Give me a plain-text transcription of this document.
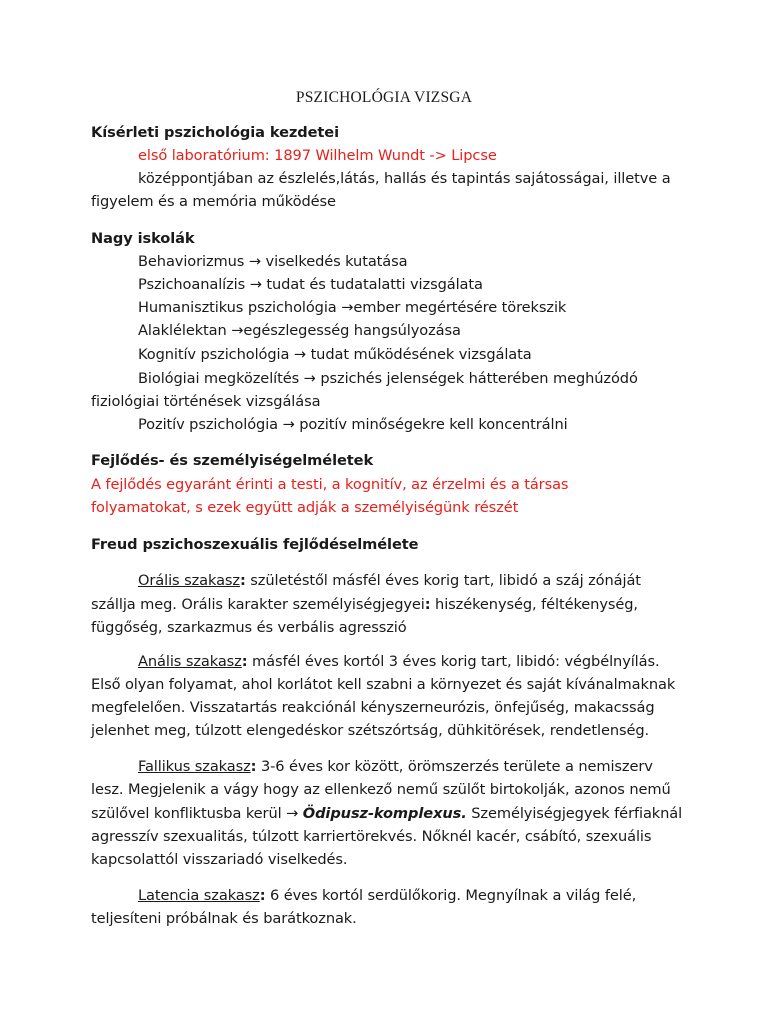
PSZICHOLÓGIA VIZSGA
Kísérleti pszichológia kezdetei
első laboratórium: 1897 Wilhelm Wundt -> Lipcse
középpontjában az észlelés,látás, hallás és tapintás sajátosságai, illetve a
figyelem és a memória működése
Nagy iskolák
Behaviorizmus → viselkedés kutatása
Pszichoanalízis → tudat és tudatalatti vizsgálata
Humanisztikus pszichológia →ember megértésére törekszik
Alaklélektan →egészlegesség hangsúlyozása
Kognitív pszichológia → tudat működésének vizsgálata
Biológiai megközelítés → pszichés jelenségek hátterében meghúzódó
fiziológiai történések vizsgálása
Pozitív pszichológia → pozitív minőségekre kell koncentrálni
Fejlődés- és személyiségelméletek
A fejlődés egyaránt érinti a testi, a kognitív, az érzelmi és a társas
folyamatokat, s ezek együtt adják a személyiségünk részét
Freud pszichoszexuális fejlődéselmélete
Orális szakasz: születéstől másfél éves korig tart, libidó a száj zónáját
szállja meg. Orális karakter személyiségjegyei: hiszékenység, féltékenység,
függőség, szarkazmus és verbális agresszió
Anális szakasz: másfél éves kortól 3 éves korig tart, libidó: végbélnyílás.
Első olyan folyamat, ahol korlátot kell szabni a környezet és saját kívánalmaknak
megfelelően. Visszatartás reakciónál kényszerneurózis, önfejűség, makacsság
jelenhet meg, túlzott elengedéskor szétszórtság, dühkitörések, rendetlenség.
Fallikus szakasz: 3-6 éves kor között, örömszerzés területe a nemiszerv
lesz. Megjelenik a vágy hogy az ellenkező nemű szülőt birtokolják, azonos nemű
szülővel konfliktusba kerül → Ödipusz-komplexus. Személyiségjegyek férfiaknál
agresszív szexualitás, túlzott karriertörekvés. Nőknél kacér, csábító, szexuális
kapcsolattól visszariadó viselkedés.
Latencia szakasz: 6 éves kortól serdülőkorig. Megnyílnak a világ felé,
teljesíteni próbálnak és barátkoznak.
